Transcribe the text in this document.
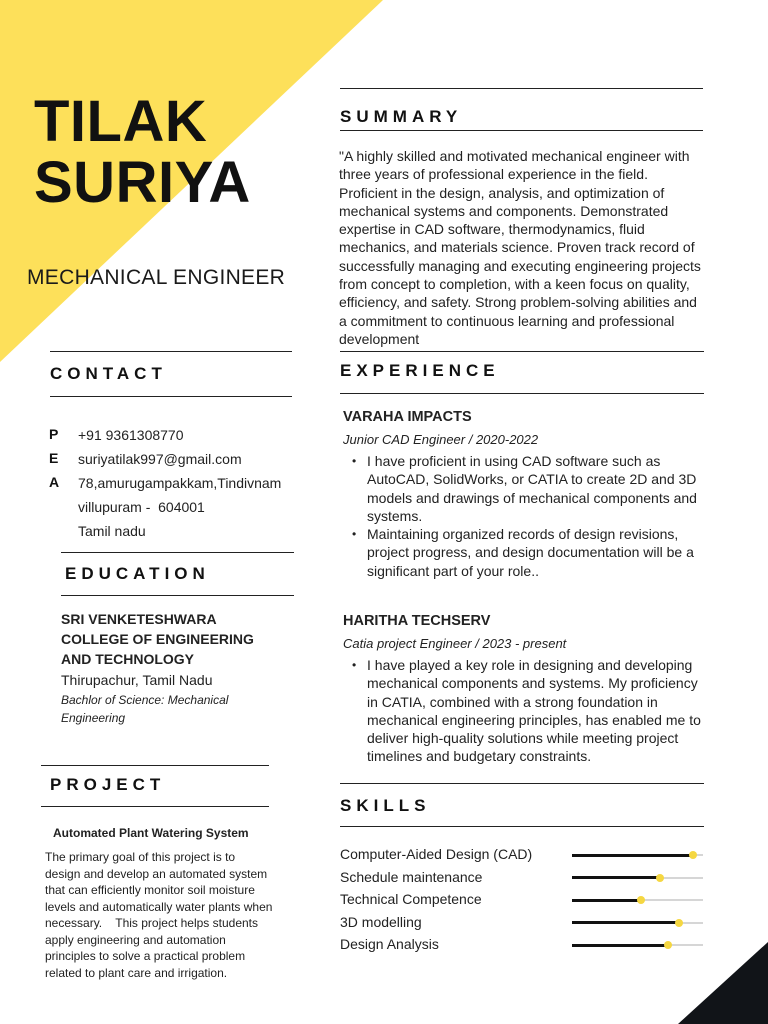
TILAK
SURIYA
MECHANICAL ENGINEER
CONTACT
P +91 9361308770
E suriyatilak997@gmail.com
A 78,amurugampakkam,Tindivnam
villupuram -  604001
Tamil nadu
EDUCATION
SRI VENKETESHWARA
COLLEGE OF ENGINEERING
AND TECHNOLOGY
Thirupachur, Tamil Nadu
Bachlor of Science: Mechanical
Engineering
PROJECT
Automated Plant Watering System
The primary goal of this project is to
design and develop an automated system
that can efficiently monitor soil moisture
levels and automatically water plants when
necessary.    This project helps students
apply engineering and automation
principles to solve a practical problem
related to plant care and irrigation.
SUMMARY
"A highly skilled and motivated mechanical engineer with
three years of professional experience in the field.
Proficient in the design, analysis, and optimization of
mechanical systems and components. Demonstrated
expertise in CAD software, thermodynamics, fluid
mechanics, and materials science. Proven track record of
successfully managing and executing engineering projects
from concept to completion, with a keen focus on quality,
efficiency, and safety. Strong problem-solving abilities and
a commitment to continuous learning and professional
development
EXPERIENCE
VARAHA IMPACTS
Junior CAD Engineer / 2020-2022
• I have proficient in using CAD software such as
AutoCAD, SolidWorks, or CATIA to create 2D and 3D
models and drawings of mechanical components and
systems.
• Maintaining organized records of design revisions,
project progress, and design documentation will be a
significant part of your role..
HARITHA TECHSERV
Catia project Engineer / 2023 - present
• I have played a key role in designing and developing
mechanical components and systems. My proficiency
in CATIA, combined with a strong foundation in
mechanical engineering principles, has enabled me to
deliver high-quality solutions while meeting project
timelines and budgetary constraints.
SKILLS
Computer-Aided Design (CAD)
Schedule maintenance
Technical Competence
3D modelling
Design Analysis
